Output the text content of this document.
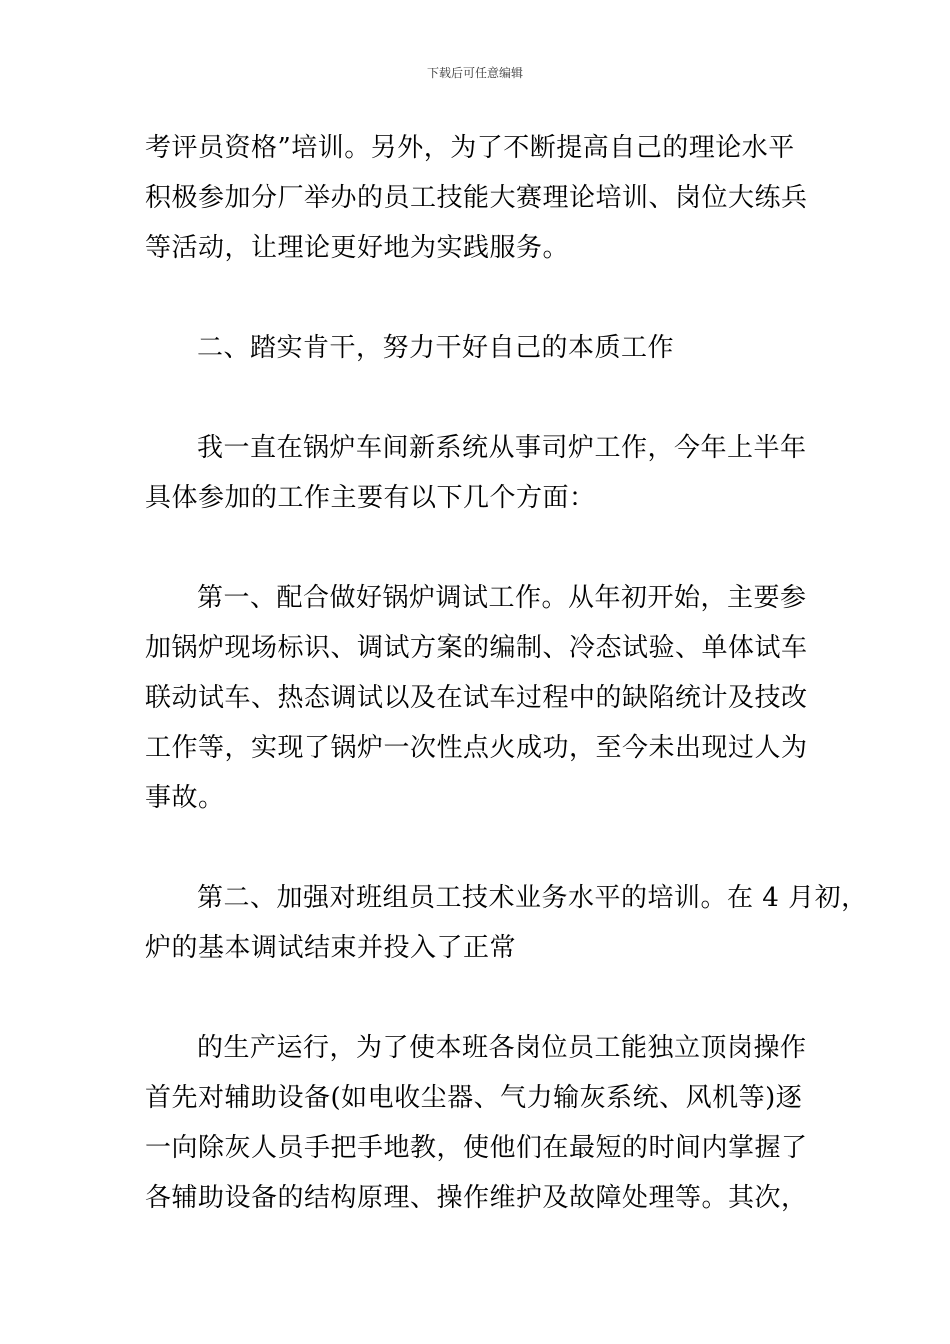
下载后可任意编辑
考评员资格”培训。另外，为了不断提高自己的理论水平
积极参加分厂举办的员工技能大赛理论培训、岗位大练兵
等活动，让理论更好地为实践服务。
二、踏实肯干，努力干好自己的本质工作
我一直在锅炉车间新系统从事司炉工作，今年上半年
具体参加的工作主要有以下几个方面：
第一、配合做好锅炉调试工作。从年初开始，主要参
加锅炉现场标识、调试方案的编制、冷态试验、单体试车
联动试车、热态调试以及在试车过程中的缺陷统计及技改
工作等，实现了锅炉一次性点火成功，至今未出现过人为
事故。
第二、加强对班组员工技术业务水平的培训。在 4 月初，
炉的基本调试结束并投入了正常
的生产运行，为了使本班各岗位员工能独立顶岗操作
首先对辅助设备(如电收尘器、气力输灰系统、风机等)逐
一向除灰人员手把手地教，使他们在最短的时间内掌握了
各辅助设备的结构原理、操作维护及故障处理等。其次，
